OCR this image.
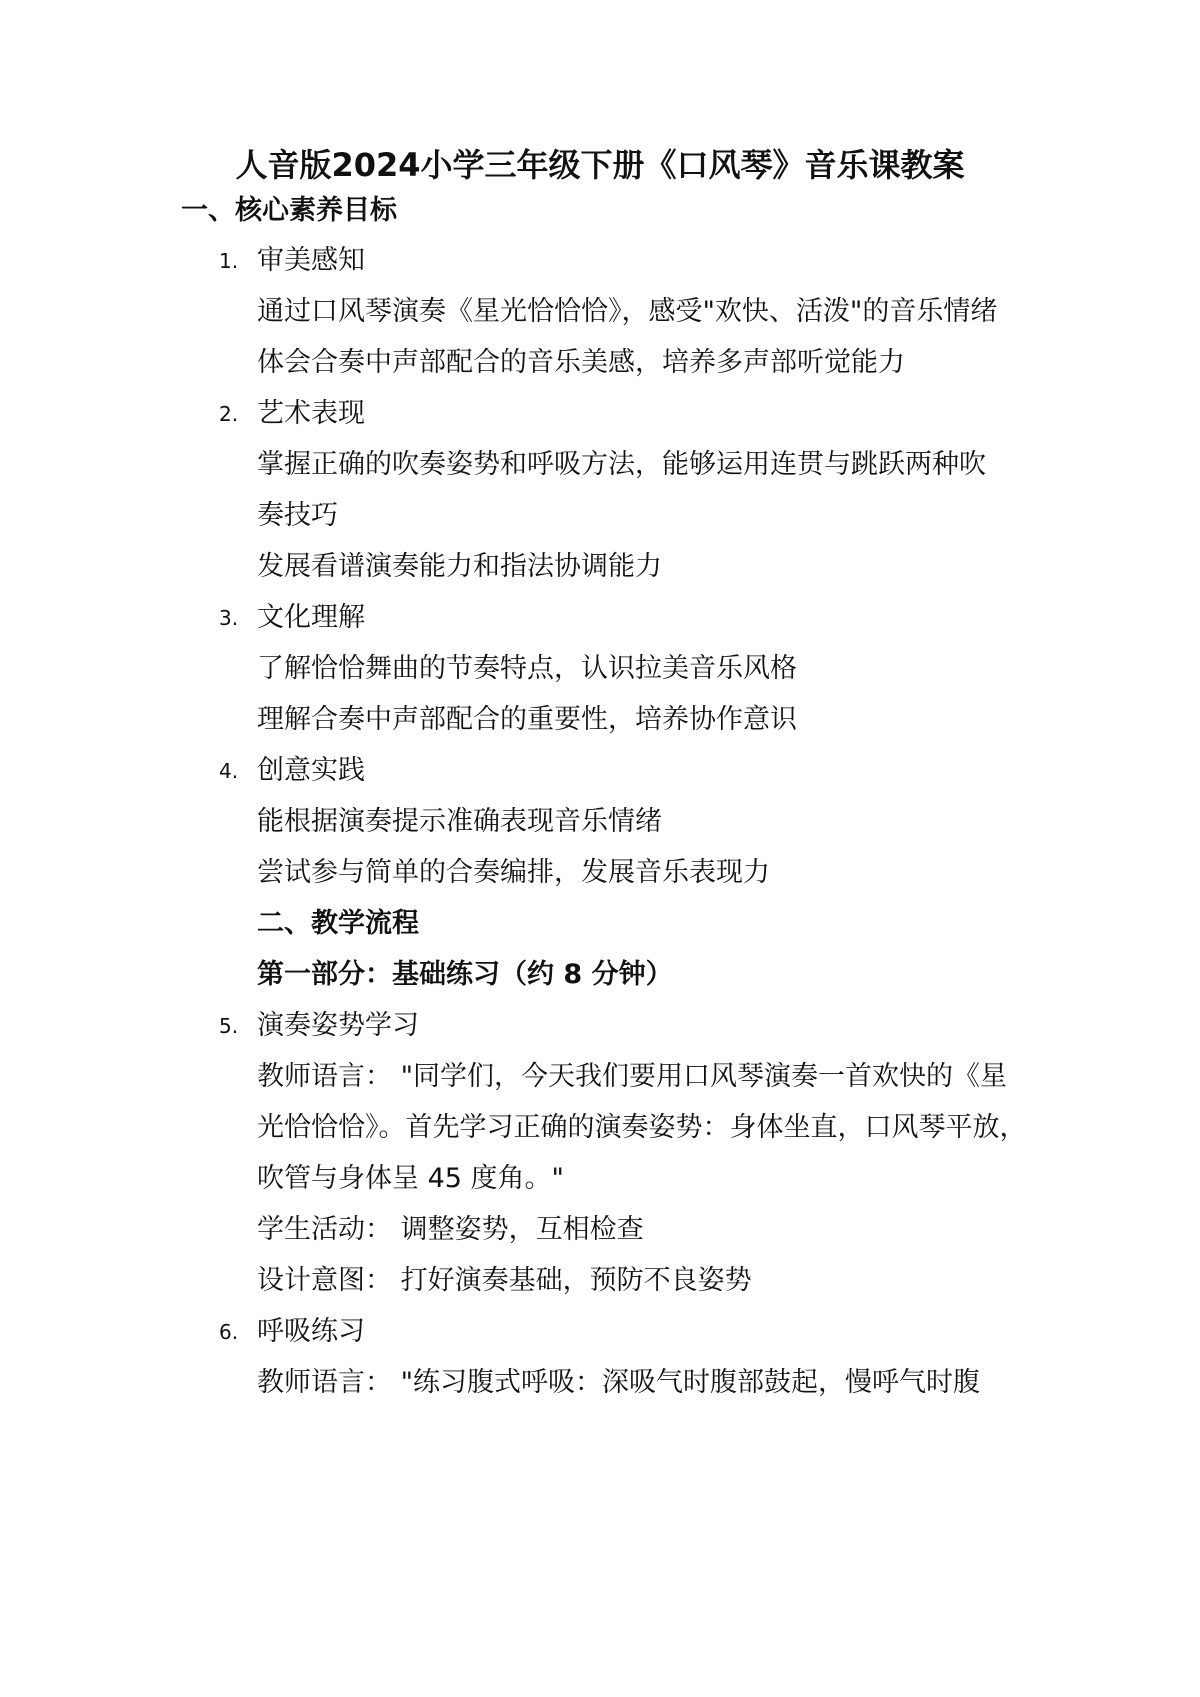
人音版2024小学三年级下册《口风琴》音乐课教案
一、核心素养目标
1. 审美感知
通过口风琴演奏《星光恰恰恰》，感受"欢快、活泼"的音乐情绪
体会合奏中声部配合的音乐美感，培养多声部听觉能力
2. 艺术表现
掌握正确的吹奏姿势和呼吸方法，能够运用连贯与跳跃两种吹
奏技巧
发展看谱演奏能力和指法协调能力
3. 文化理解
了解恰恰舞曲的节奏特点，认识拉美音乐风格
理解合奏中声部配合的重要性，培养协作意识
4. 创意实践
能根据演奏提示准确表现音乐情绪
尝试参与简单的合奏编排，发展音乐表现力
二、教学流程
第一部分：基础练习（约 8 分钟）
5. 演奏姿势学习
教师语言： "同学们，今天我们要用口风琴演奏一首欢快的《星
光恰恰恰》。首先学习正确的演奏姿势：身体坐直，口风琴平放，
吹管与身体呈 45 度角。"
学生活动： 调整姿势，互相检查
设计意图： 打好演奏基础，预防不良姿势
6. 呼吸练习
教师语言： "练习腹式呼吸：深吸气时腹部鼓起，慢呼气时腹
